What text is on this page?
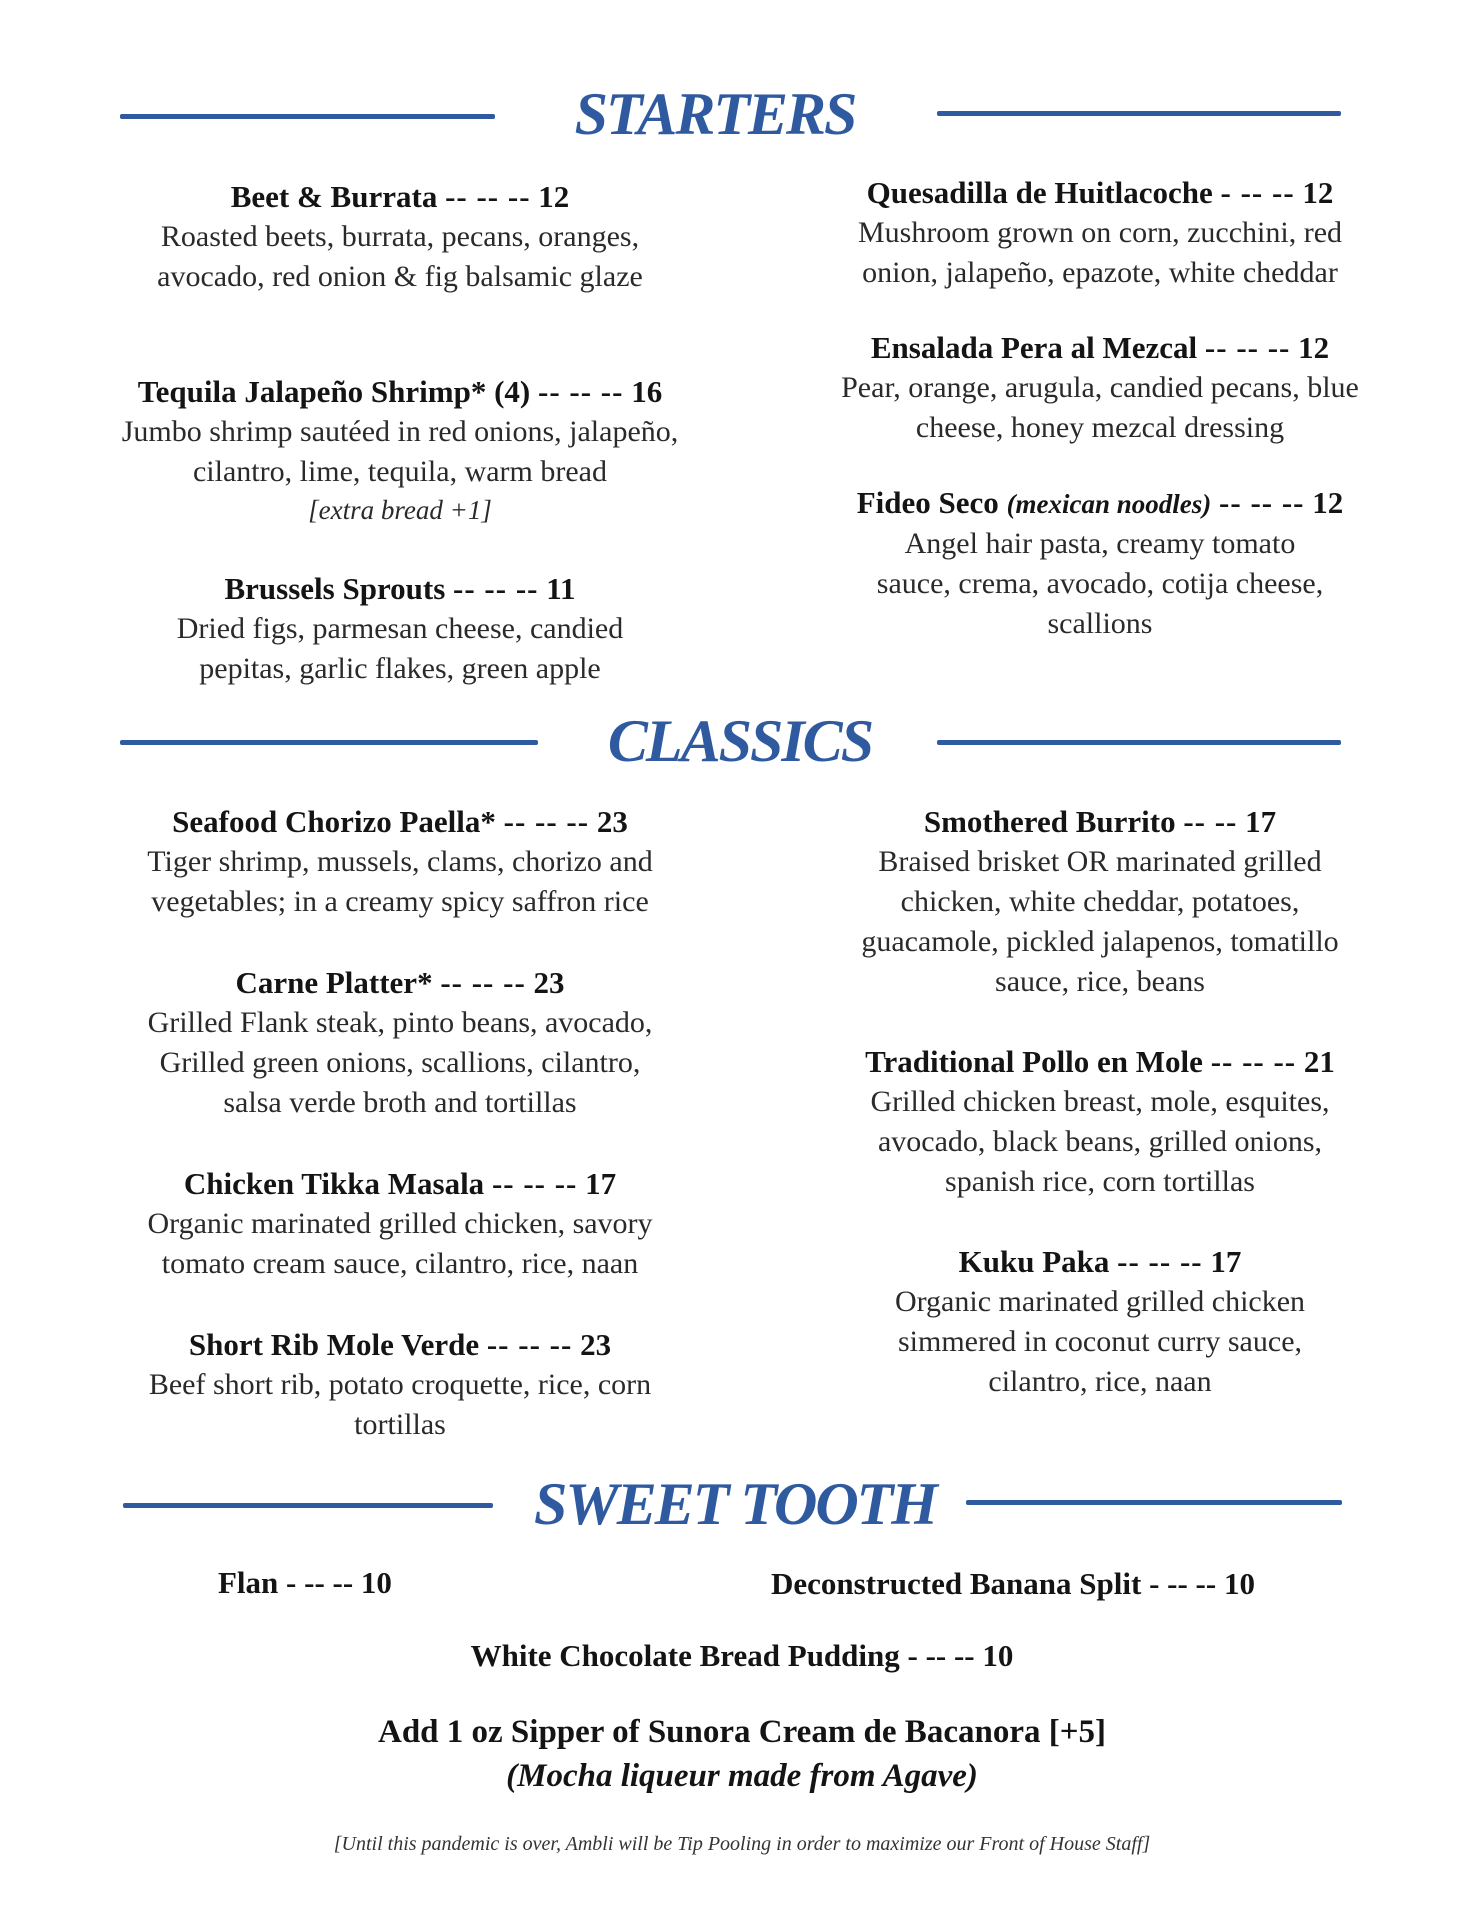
STARTERS
Beet & Burrata -- -- -- 12
Roasted beets, burrata, pecans, oranges,
avocado, red onion & fig balsamic glaze
Tequila Jalapeño Shrimp* (4) -- -- -- 16
Jumbo shrimp sautéed in red onions, jalapeño,
cilantro, lime, tequila, warm bread
[extra bread +1]
Brussels Sprouts -- -- -- 11
Dried figs, parmesan cheese, candied
pepitas, garlic flakes, green apple
Quesadilla de Huitlacoche - -- -- 12
Mushroom grown on corn, zucchini, red
onion, jalapeño, epazote, white cheddar
Ensalada Pera al Mezcal -- -- -- 12
Pear, orange, arugula, candied pecans, blue
cheese, honey mezcal dressing
Fideo Seco (mexican noodles) -- -- -- 12
Angel hair pasta, creamy tomato
sauce, crema, avocado, cotija cheese,
scallions
CLASSICS
Seafood Chorizo Paella* -- -- -- 23
Tiger shrimp, mussels, clams, chorizo and
vegetables; in a creamy spicy saffron rice
Carne Platter* -- -- -- 23
Grilled Flank steak, pinto beans, avocado,
Grilled green onions, scallions, cilantro,
salsa verde broth and tortillas
Chicken Tikka Masala -- -- -- 17
Organic marinated grilled chicken, savory
tomato cream sauce, cilantro, rice, naan
Short Rib Mole Verde -- -- -- 23
Beef short rib, potato croquette, rice, corn
tortillas
Smothered Burrito -- -- 17
Braised brisket OR marinated grilled
chicken, white cheddar, potatoes,
guacamole, pickled jalapenos, tomatillo
sauce, rice, beans
Traditional Pollo en Mole -- -- -- 21
Grilled chicken breast, mole, esquites,
avocado, black beans, grilled onions,
spanish rice, corn tortillas
Kuku Paka -- -- -- 17
Organic marinated grilled chicken
simmered in coconut curry sauce,
cilantro, rice, naan
SWEET TOOTH
Flan - -- -- 10	Deconstructed Banana Split - -- -- 10
White Chocolate Bread Pudding - -- -- 10
Add 1 oz Sipper of Sunora Cream de Bacanora [+5]
(Mocha liqueur made from Agave)
[Until this pandemic is over, Ambli will be Tip Pooling in order to maximize our Front of House Staff]
